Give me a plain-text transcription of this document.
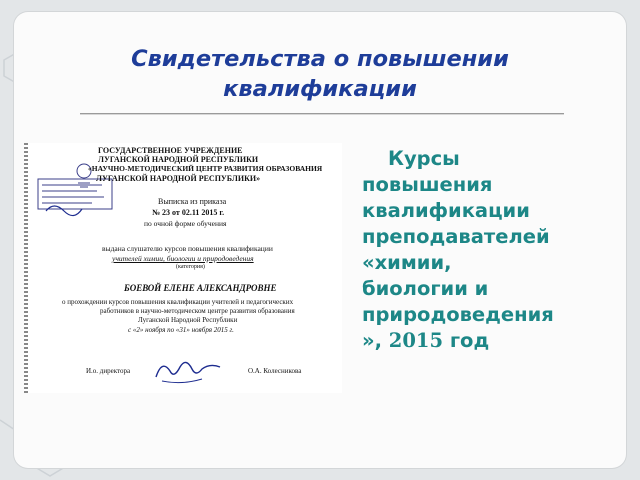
Свидетельства о повышении
квалификации
ГОСУДАРСТВЕННОЕ УЧРЕЖДЕНИЕ
ЛУГАНСКОЙ НАРОДНОЙ РЕСПУБЛИКИ
«НАУЧНО-МЕТОДИЧЕСКИЙ ЦЕНТР РАЗВИТИЯ ОБРАЗОВАНИЯ
ЛУГАНСКОЙ НАРОДНОЙ РЕСПУБЛИКИ»
Выписка из приказа
№ 23 от 02.11 2015 г.
по очной форме обучения
выдана слушателю курсов повышения квалификации
учителей химии, биологии и природоведения
(категория)
БОЕВОЙ ЕЛЕНЕ АЛЕКСАНДРОВНЕ
о прохождении курсов повышения квалификации учителей и педагогических
работников в научно-методическом центре развития образования
Луганской Народной Республики
с «2» ноября по «31» ноября 2015 г.
И.о. директора	О.А. Колесникова

Курсы
повышения
квалификации
преподавателей
«химии,
биологии и
природоведения
», 2015 год
